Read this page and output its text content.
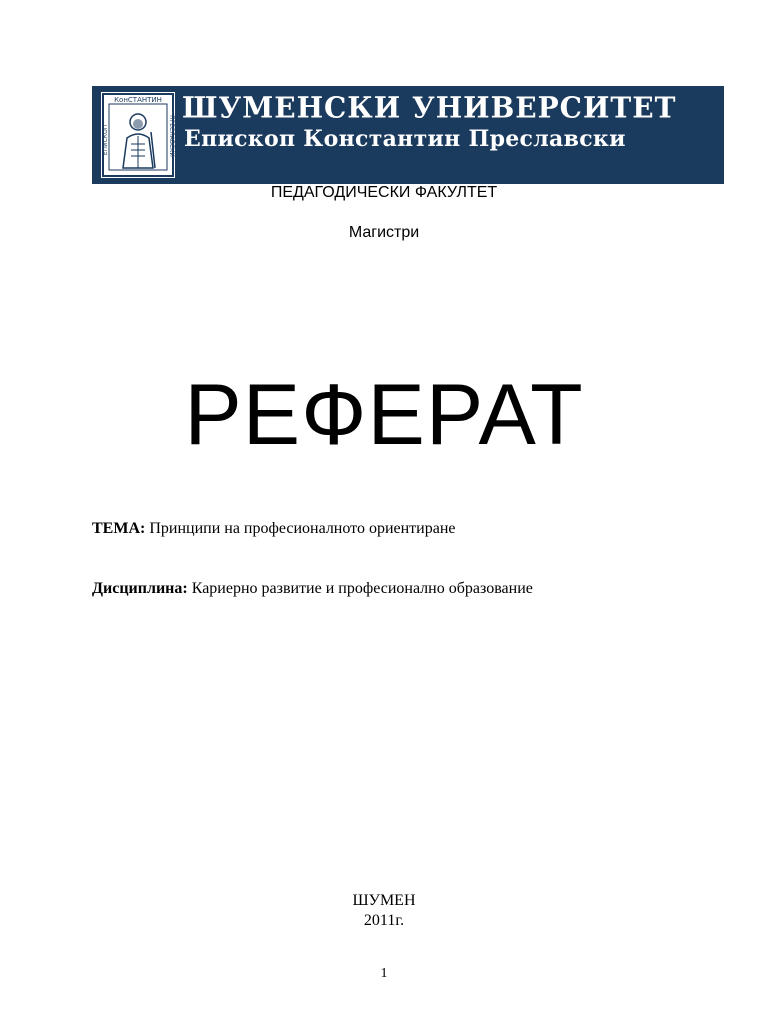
КонСТАНТИН
ЕПИСКОП	ПРЕСЛАВСКИ
ШУМЕНСКИ УНИВЕРСИТЕТ
Епископ Константин Преславски
ПЕДАГОДИЧЕСКИ ФАКУЛТЕТ
Магистри
РЕФЕРАТ
ТЕМА: Принципи на професионалното ориентиране
Дисциплина: Кариерно развитие и професионално образование
ШУМЕН
2011г.
1
